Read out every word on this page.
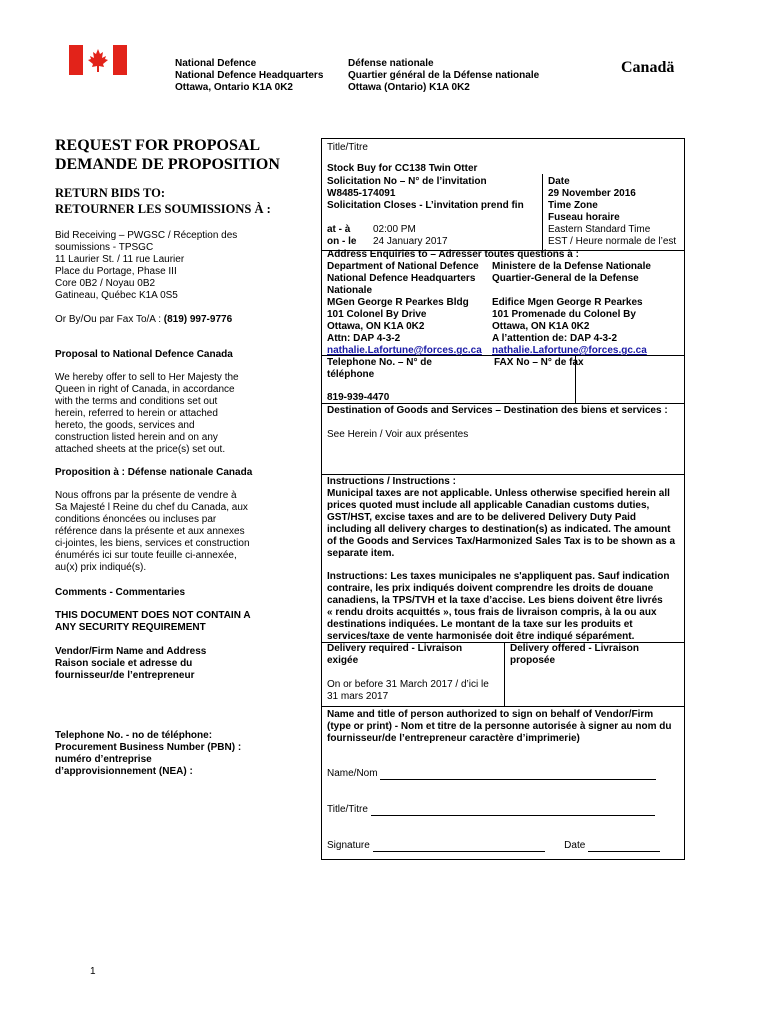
National Defence
National Defence Headquarters
Ottawa, Ontario K1A 0K2
Défense nationale
Quartier général de la Défense nationale
Ottawa (Ontario) K1A 0K2
Canadä
REQUEST FOR PROPOSAL
DEMANDE DE PROPOSITION
RETURN BIDS TO:
RETOURNER LES SOUMISSIONS À :
Bid Receiving – PWGSC / Réception des
soumissions - TPSGC
11 Laurier St. / 11 rue Laurier
Place du Portage, Phase III
Core 0B2 / Noyau 0B2
Gatineau, Québec K1A 0S5
Or By/Ou par Fax To/A : (819) 997-9776
Proposal to National Defence Canada
We hereby offer to sell to Her Majesty the
Queen in right of Canada, in accordance
with the terms and conditions set out
herein, referred to herein or attached
hereto, the goods, services and
construction listed herein and on any
attached sheets at the price(s) set out.
Proposition à : Défense nationale Canada
Nous offrons par la présente de vendre à
Sa Majesté l Reine du chef du Canada, aux
conditions énoncées ou incluses par
référence dans la présente et aux annexes
ci-jointes, les biens, services et construction
énumérés ici sur toute feuille ci-annexée,
au(x) prix indiqué(s).
Comments - Commentaries
THIS DOCUMENT DOES NOT CONTAIN A
ANY SECURITY REQUIREMENT
Vendor/Firm Name and Address
Raison sociale et adresse du
fournisseur/de l’entrepreneur
Telephone No. - no de téléphone:
Procurement Business Number (PBN) :
numéro d’entreprise
d’approvisionnement (NEA) :
1
Title/Titre
Stock Buy for CC138 Twin Otter
Solicitation No – N° de l’invitation
W8485-174091
Solicitation Closes - L’invitation prend fin
Date
29 November 2016
Time Zone
Fuseau horaire
Eastern Standard Time
EST / Heure normale de l’est
at - à 02:00 PM
on - le 24 January 2017
Address Enquiries to – Adresser toutes questions à :
Department of National Defence
National Defence Headquarters
Nationale
MGen George R Pearkes Bldg
101 Colonel By Drive
Ottawa, ON K1A 0K2
Attn: DAP 4-3-2
nathalie.Lafortune@forces.gc.ca
Ministere de la Defense Nationale
Quartier-General de la Defense

Edifice Mgen George R Pearkes
101 Promenade du Colonel By
Ottawa, ON K1A 0K2
A l’attention de: DAP 4-3-2
nathalie.Lafortune@forces.gc.ca
Telephone No. – N° de
téléphone
FAX No – N° de fax
819-939-4470
Destination of Goods and Services – Destination des biens et services :
See Herein / Voir aux présentes
Instructions / Instructions :
Municipal taxes are not applicable. Unless otherwise specified herein all
prices quoted must include all applicable Canadian customs duties,
GST/HST, excise taxes and are to be delivered Delivery Duty Paid
including all delivery charges to destination(s) as indicated. The amount
of the Goods and Services Tax/Harmonized Sales Tax is to be shown as a
separate item.
Instructions: Les taxes municipales ne s'appliquent pas. Sauf indication
contraire, les prix indiqués doivent comprendre les droits de douane
canadiens, la TPS/TVH et la taxe d’accise. Les biens doivent être livrés
« rendu droits acquittés », tous frais de livraison compris, à la ou aux
destinations indiquées. Le montant de la taxe sur les produits et
services/taxe de vente harmonisée doit être indiqué séparément.
Delivery required - Livraison
exigée
Delivery offered - Livraison
proposée
On or before 31 March 2017 / d’ici le
31 mars 2017
Name and title of person authorized to sign on behalf of Vendor/Firm
(type or print) - Nom et titre de la personne autorisée à signer au nom du
fournisseur/de l’entrepreneur caractère d’imprimerie)
Name/Nom
Title/Titre
Signature	Date
